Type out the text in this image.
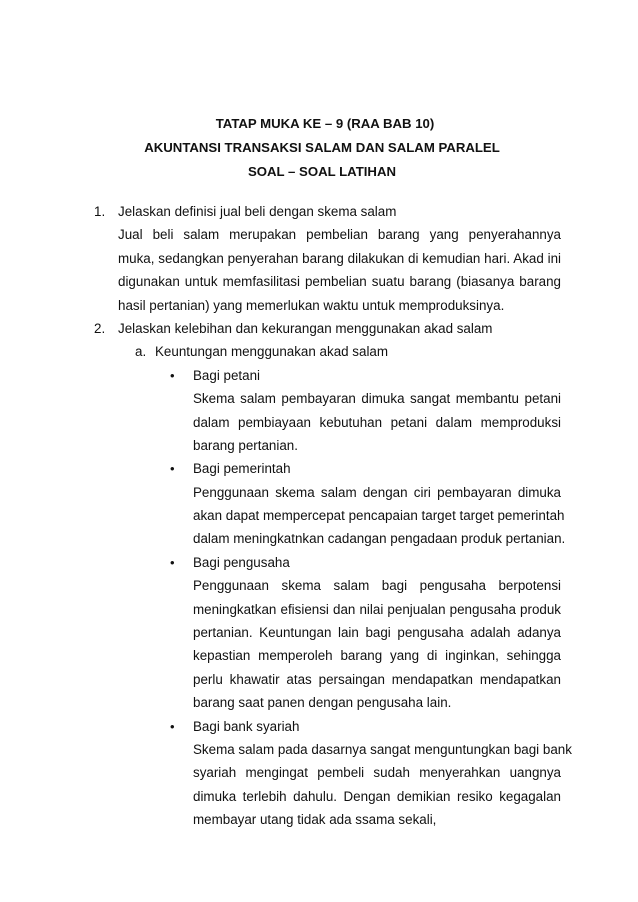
TATAP MUKA KE – 9 (RAA BAB 10)
AKUNTANSI TRANSAKSI SALAM DAN SALAM PARALEL
SOAL – SOAL LATIHAN
1. Jelaskan definisi jual beli dengan skema salam
Jual beli salam merupakan pembelian barang yang penyerahannya
muka, sedangkan penyerahan barang dilakukan di kemudian hari. Akad ini
digunakan untuk memfasilitasi pembelian suatu barang (biasanya barang
hasil pertanian) yang memerlukan waktu untuk memproduksinya.
2. Jelaskan kelebihan dan kekurangan menggunakan akad salam
a. Keuntungan menggunakan akad salam
• Bagi petani
Skema salam pembayaran dimuka sangat membantu petani
dalam pembiayaan kebutuhan petani dalam memproduksi
barang pertanian.
• Bagi pemerintah
Penggunaan skema salam dengan ciri pembayaran dimuka
akan dapat mempercepat pencapaian target target pemerintah
dalam meningkatnkan cadangan pengadaan produk pertanian.
• Bagi pengusaha
Penggunaan skema salam bagi pengusaha berpotensi
meningkatkan efisiensi dan nilai penjualan pengusaha produk
pertanian. Keuntungan lain bagi pengusaha adalah adanya
kepastian memperoleh barang yang di inginkan, sehingga
perlu khawatir atas persaingan mendapatkan mendapatkan
barang saat panen dengan pengusaha lain.
• Bagi bank syariah
Skema salam pada dasarnya sangat menguntungkan bagi bank
syariah mengingat pembeli sudah menyerahkan uangnya
dimuka terlebih dahulu. Dengan demikian resiko kegagalan
membayar utang tidak ada ssama sekali,
